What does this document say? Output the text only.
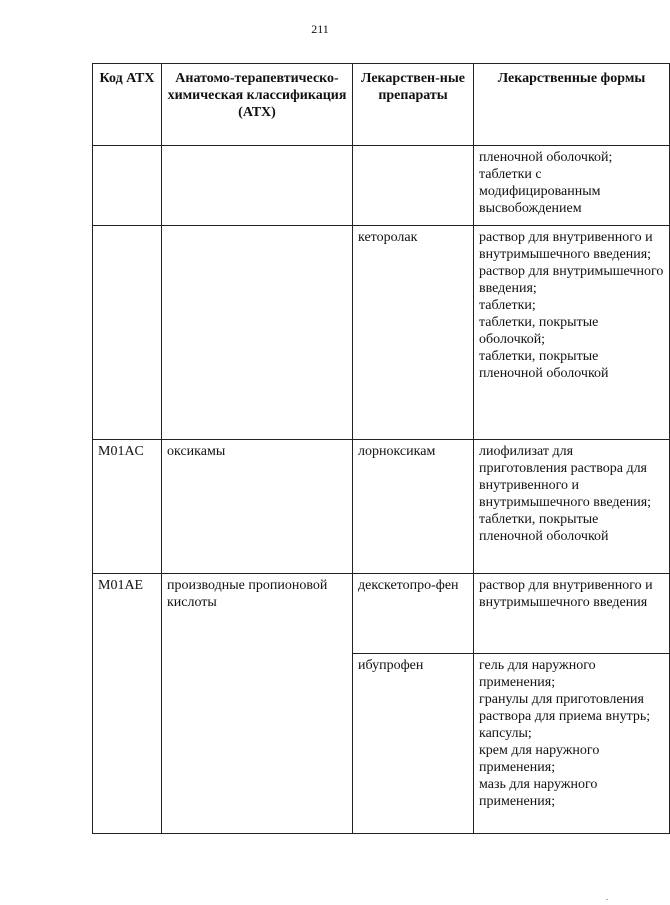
211
Код АТХ	Анатомо-терапевтическо-химическая классификация (АТХ)	Лекарствен-ные препараты	Лекарственные формы
			пленочной оболочкой;
таблетки с модифицированным высвобождением
		кеторолак	раствор для внутривенного и внутримышечного введения;
раствор для внутримышечного введения;
таблетки;
таблетки, покрытые оболочкой;
таблетки, покрытые пленочной оболочкой
M01AC	оксикамы	лорноксикам	лиофилизат для приготовления раствора для внутривенного и внутримышечного введения;
таблетки, покрытые пленочной оболочкой
M01AE	производные пропионовой кислоты	декскетопро-фен	раствор для внутривенного и внутримышечного введения
		ибупрофен	гель для наружного применения;
гранулы для приготовления раствора для приема внутрь;
капсулы;
крем для наружного применения;
мазь для наружного применения;
.
